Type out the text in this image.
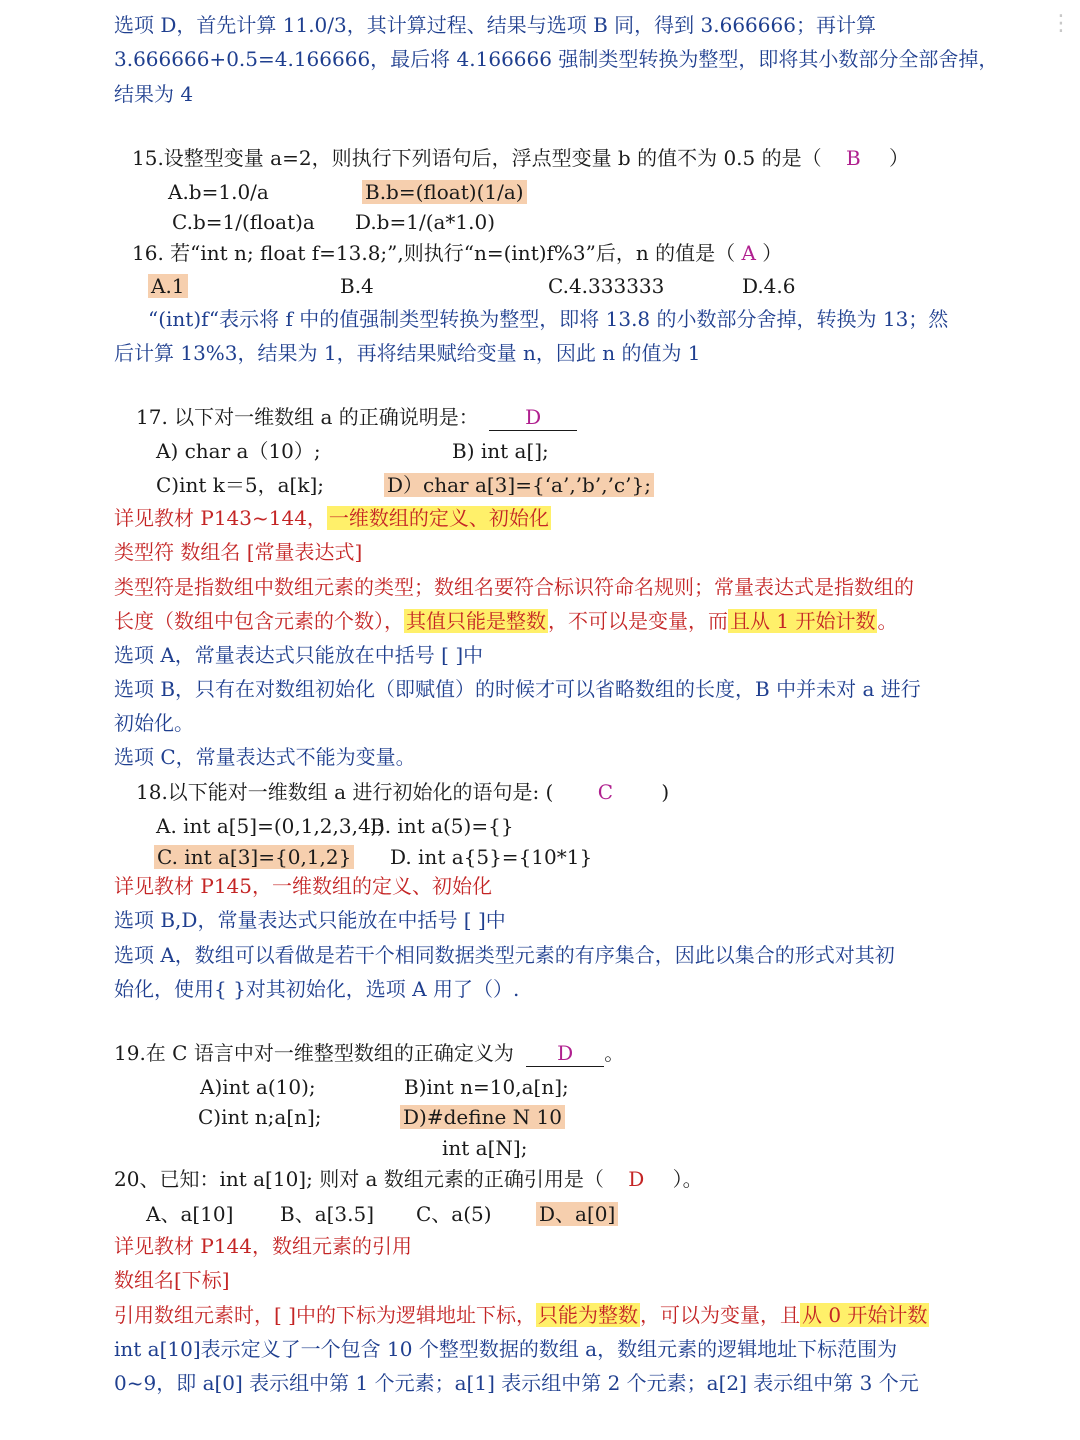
⋮
选项 D，首先计算 11.0/3，其计算过程、结果与选项 B 同，得到 3.666666；再计算
3.666666+0.5=4.166666，最后将 4.166666 强制类型转换为整型，即将其小数部分全部舍掉，
结果为 4
15.设整型变量 a=2，则执行下列语句后，浮点型变量 b 的值不为 0.5 的是（ B ）
A.b=1.0/a	B.b=(float)(1/a)
C.b=1/(float)a D.b=1/(a*1.0)
16. 若“int n; float f=13.8;”,则执行“n=(int)f%3”后，n 的值是（ A ）
A.1	B.4	C.4.333333	D.4.6
“(int)f“表示将 f 中的值强制类型转换为整型，即将 13.8 的小数部分舍掉，转换为 13；然
后计算 13%3，结果为 1，再将结果赋给变量 n，因此 n 的值为 1
17. 以下对一维数组 a 的正确说明是： D
A) char a（10）;	B) int a[];
C)int k＝5，a[k];	D）char a[3]={‘a’,’b’,’c’};
详见教材 P143~144， 一维数组的定义、初始化
类型符 数组名 [常量表达式]
类型符是指数组中数组元素的类型；数组名要符合标识符命名规则；常量表达式是指数组的
长度（数组中包含元素的个数）， 其值只能是整数 ，不可以是变量，而 且从 1 开始计数 。
选项 A，常量表达式只能放在中括号 [ ]中
选项 B，只有在对数组初始化（即赋值）的时候才可以省略数组的长度，B 中并未对 a 进行
初始化。
选项 C，常量表达式不能为变量。
18.以下能对一维数组 a 进行初始化的语句是: ( C )
A. int a[5]=(0,1,2,3,4,)
B. int a(5)={}
C. int a[3]={0,1,2} D. int a{5}={10*1}
详见教材 P145，一维数组的定义、初始化
选项 B,D，常量表达式只能放在中括号 [ ]中
选项 A，数组可以看做是若干个相同数据类型元素的有序集合，因此以集合的形式对其初
始化，使用{ }对其初始化，选项 A 用了（）.
19.在 C 语言中对一维整型数组的正确定义为 D 。
A)int a(10);	B)int n=10,a[n];
C)int n;a[n];	D)#define N 10
int a[N];
20、已知：int a[10]; 则对 a 数组元素的正确引用是（ D ）。
A、a[10] B、a[3.5] C、a(5) D、a[0]
详见教材 P144，数组元素的引用
数组名[下标]
引用数组元素时，[ ]中的下标为逻辑地址下标， 只能为整数 ，可以为变量，且 从 0 开始计数
int a[10]表示定义了一个包含 10 个整型数据的数组 a，数组元素的逻辑地址下标范围为
0~9，即 a[0] 表示组中第 1 个元素；a[1] 表示组中第 2 个元素；a[2] 表示组中第 3 个元
